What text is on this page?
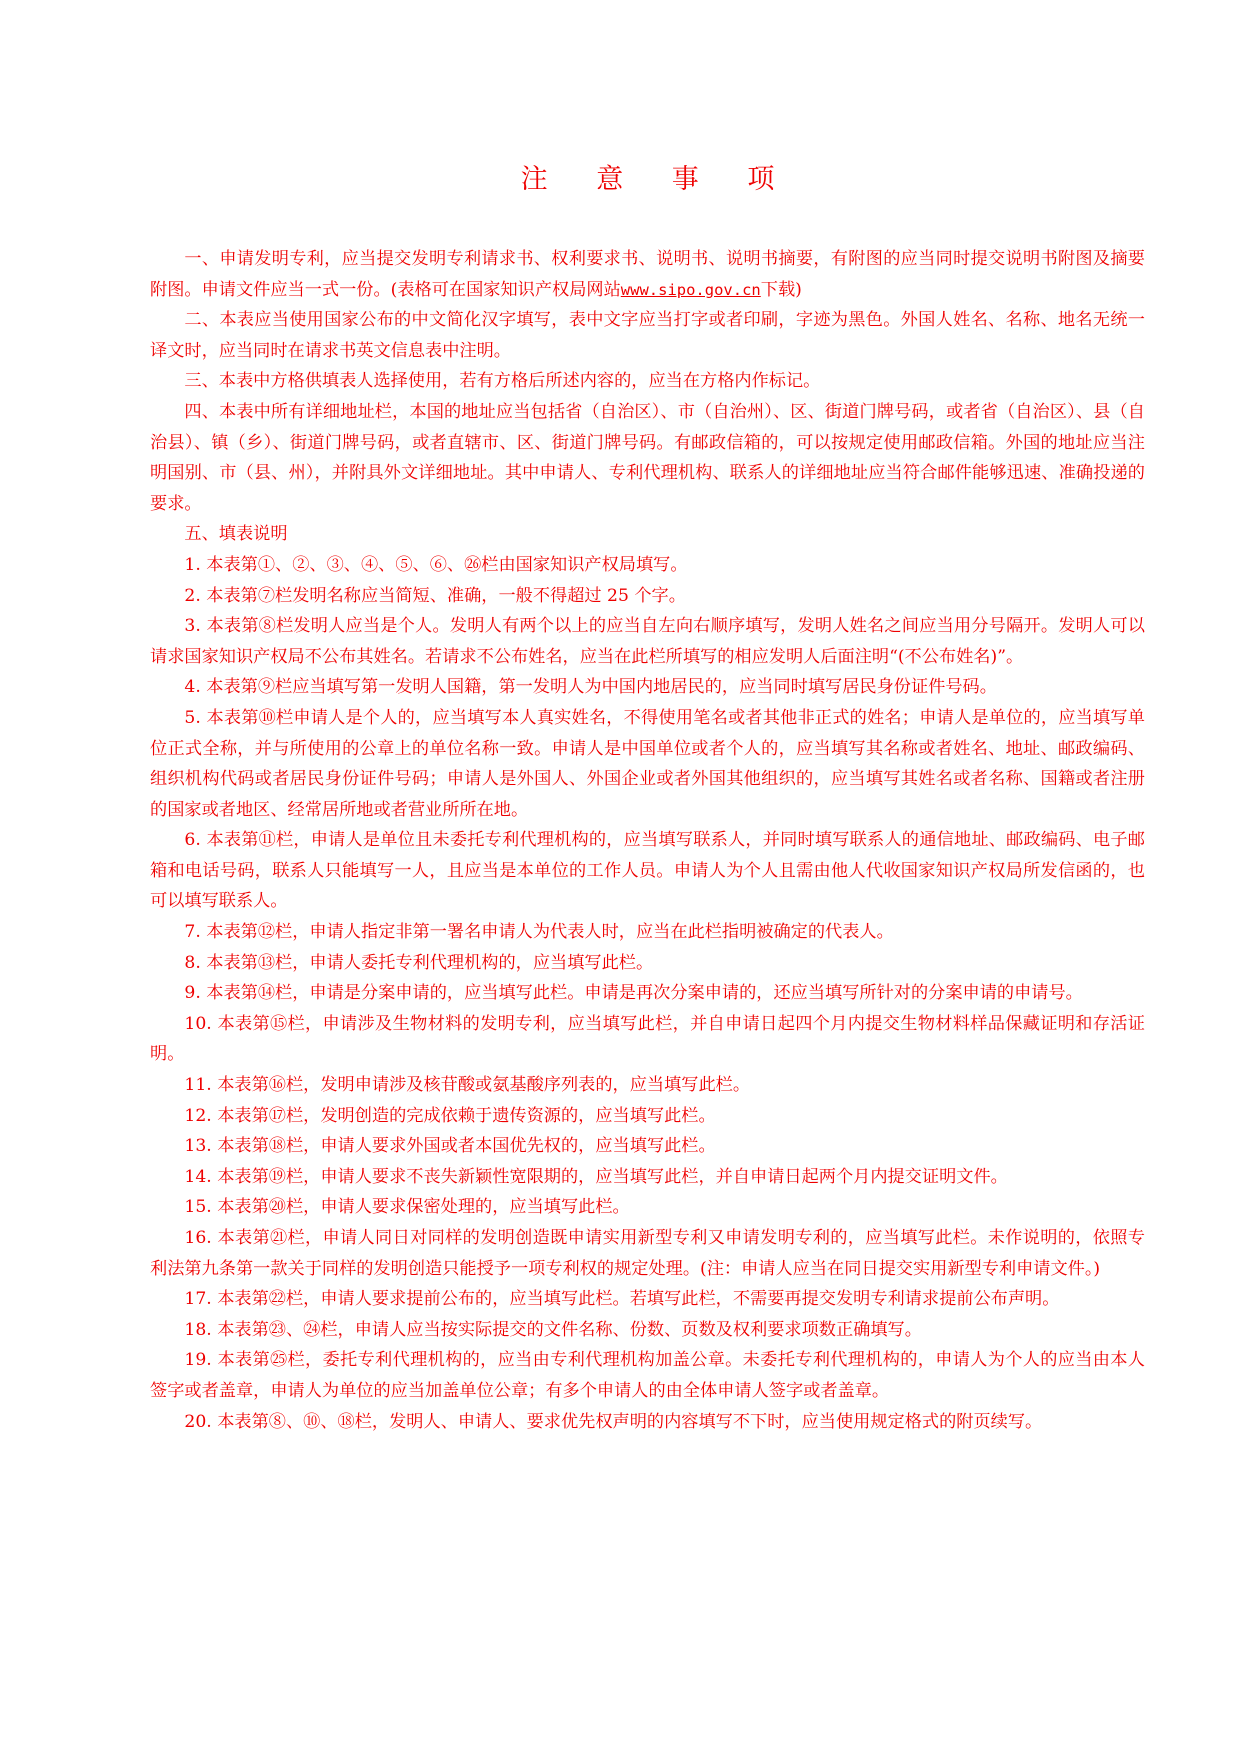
注 意 事 项

一、申请发明专利，应当提交发明专利请求书、权利要求书、说明书、说明书摘要，有附图的应当同时提交说明书附图及摘要附图。申请文件应当一式一份。(表格可在国家知识产权局网站www.sipo.gov.cn下载)

二、本表应当使用国家公布的中文简化汉字填写，表中文字应当打字或者印刷，字迹为黑色。外国人姓名、名称、地名无统一译文时，应当同时在请求书英文信息表中注明。

三、本表中方格供填表人选择使用，若有方格后所述内容的，应当在方格内作标记。

四、本表中所有详细地址栏，本国的地址应当包括省（自治区）、市（自治州）、区、街道门牌号码，或者省（自治区）、县（自治县）、镇（乡）、街道门牌号码，或者直辖市、区、街道门牌号码。有邮政信箱的，可以按规定使用邮政信箱。外国的地址应当注明国别、市（县、州），并附具外文详细地址。其中申请人、专利代理机构、联系人的详细地址应当符合邮件能够迅速、准确投递的要求。

五、填表说明

1. 本表第①、②、③、④、⑤、⑥、㉖栏由国家知识产权局填写。

2. 本表第⑦栏发明名称应当简短、准确，一般不得超过 25 个字。

3. 本表第⑧栏发明人应当是个人。发明人有两个以上的应当自左向右顺序填写，发明人姓名之间应当用分号隔开。发明人可以请求国家知识产权局不公布其姓名。若请求不公布姓名，应当在此栏所填写的相应发明人后面注明“(不公布姓名)”。

4. 本表第⑨栏应当填写第一发明人国籍，第一发明人为中国内地居民的，应当同时填写居民身份证件号码。

5. 本表第⑩栏申请人是个人的，应当填写本人真实姓名，不得使用笔名或者其他非正式的姓名；申请人是单位的，应当填写单位正式全称，并与所使用的公章上的单位名称一致。申请人是中国单位或者个人的，应当填写其名称或者姓名、地址、邮政编码、组织机构代码或者居民身份证件号码；申请人是外国人、外国企业或者外国其他组织的，应当填写其姓名或者名称、国籍或者注册的国家或者地区、经常居所地或者营业所所在地。

6. 本表第⑪栏，申请人是单位且未委托专利代理机构的，应当填写联系人，并同时填写联系人的通信地址、邮政编码、电子邮箱和电话号码，联系人只能填写一人，且应当是本单位的工作人员。申请人为个人且需由他人代收国家知识产权局所发信函的，也可以填写联系人。

7. 本表第⑫栏，申请人指定非第一署名申请人为代表人时，应当在此栏指明被确定的代表人。

8. 本表第⑬栏，申请人委托专利代理机构的，应当填写此栏。

9. 本表第⑭栏，申请是分案申请的，应当填写此栏。申请是再次分案申请的，还应当填写所针对的分案申请的申请号。

10. 本表第⑮栏，申请涉及生物材料的发明专利，应当填写此栏，并自申请日起四个月内提交生物材料样品保藏证明和存活证明。

11. 本表第⑯栏，发明申请涉及核苷酸或氨基酸序列表的，应当填写此栏。

12. 本表第⑰栏，发明创造的完成依赖于遗传资源的，应当填写此栏。

13. 本表第⑱栏，申请人要求外国或者本国优先权的，应当填写此栏。

14. 本表第⑲栏，申请人要求不丧失新颖性宽限期的，应当填写此栏，并自申请日起两个月内提交证明文件。

15. 本表第⑳栏，申请人要求保密处理的，应当填写此栏。

16. 本表第㉑栏，申请人同日对同样的发明创造既申请实用新型专利又申请发明专利的，应当填写此栏。未作说明的，依照专利法第九条第一款关于同样的发明创造只能授予一项专利权的规定处理。(注：申请人应当在同日提交实用新型专利申请文件。)

17. 本表第㉒栏，申请人要求提前公布的，应当填写此栏。若填写此栏，不需要再提交发明专利请求提前公布声明。

18. 本表第㉓、㉔栏，申请人应当按实际提交的文件名称、份数、页数及权利要求项数正确填写。

19. 本表第㉕栏，委托专利代理机构的，应当由专利代理机构加盖公章。未委托专利代理机构的，申请人为个人的应当由本人签字或者盖章，申请人为单位的应当加盖单位公章；有多个申请人的由全体申请人签字或者盖章。

20. 本表第⑧、⑩、⑱栏，发明人、申请人、要求优先权声明的内容填写不下时，应当使用规定格式的附页续写。
